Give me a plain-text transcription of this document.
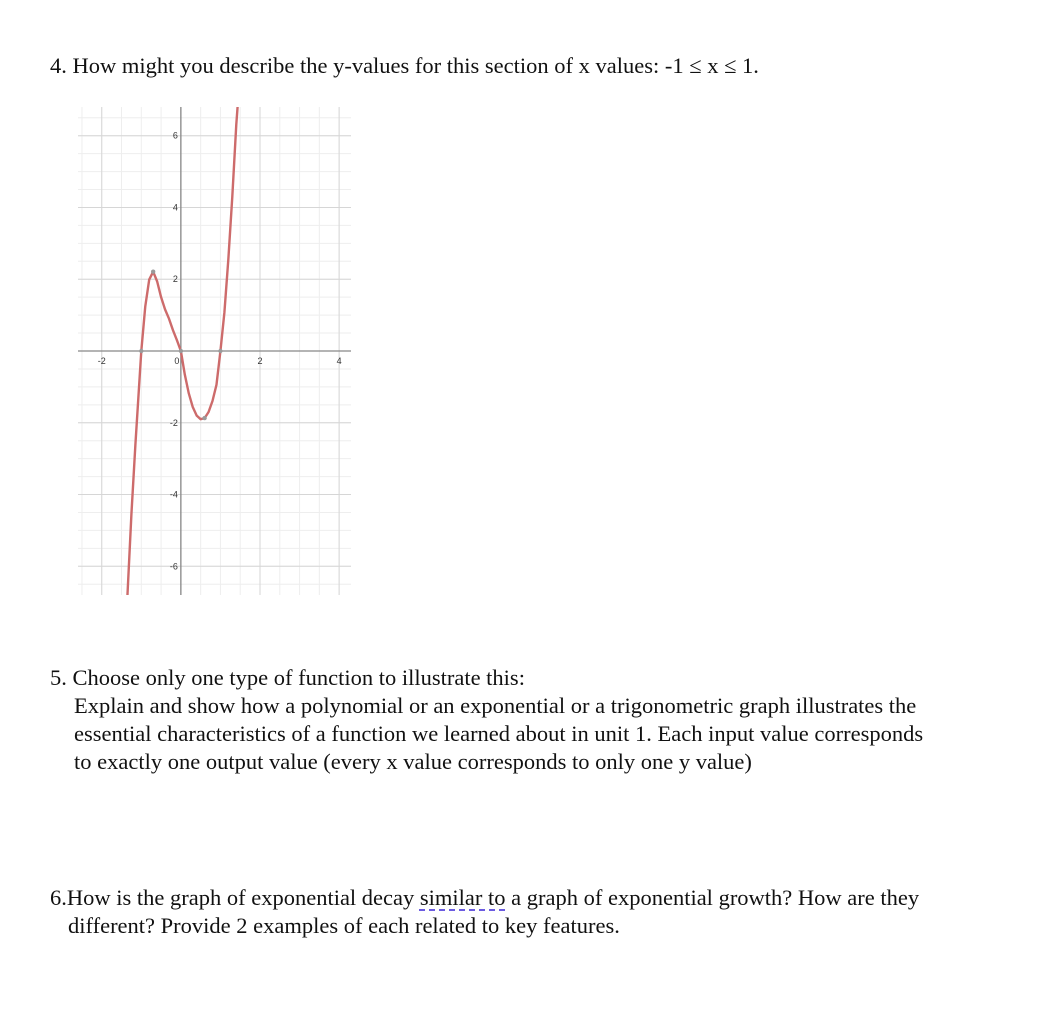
4. How might you describe the y-values for this section of x values: -1 ≤ x ≤ 1.
-2	0	2	4
6
4
2
-2
-4
-6
5. Choose only one type of function to illustrate this:
Explain and show how a polynomial or an exponential or a trigonometric graph illustrates the
essential characteristics of a function we learned about in unit 1. Each input value corresponds
to exactly one output value (every x value corresponds to only one y value)
6.How is the graph of exponential decay similar to a graph of exponential growth? How are they
different? Provide 2 examples of each related to key features.
